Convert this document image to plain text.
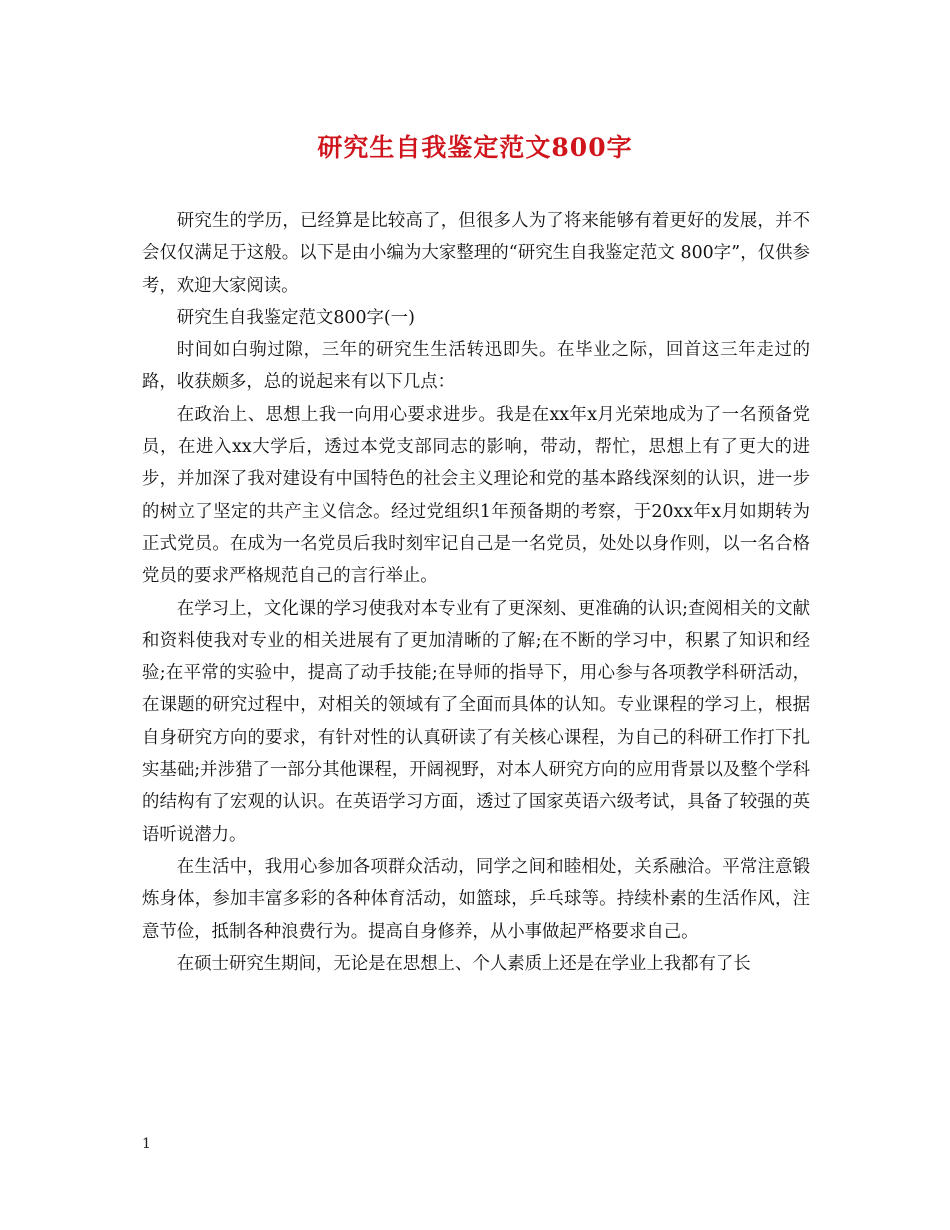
研究生自我鉴定范文800字

研究生的学历，已经算是比较高了，但很多人为了将来能够有着更好的发展，并不会仅仅满足于这般。以下是由小编为大家整理的“研究生自我鉴定范文 800字”，仅供参考，欢迎大家阅读。

研究生自我鉴定范文800字(一)

时间如白驹过隙，三年的研究生生活转迅即失。在毕业之际，回首这三年走过的路，收获颇多，总的说起来有以下几点：

在政治上、思想上我一向用心要求进步。我是在xx年x月光荣地成为了一名预备党员，在进入xx大学后，透过本党支部同志的影响，带动，帮忙，思想上有了更大的进步，并加深了我对建设有中国特色的社会主义理论和党的基本路线深刻的认识，进一步的树立了坚定的共产主义信念。经过党组织1年预备期的考察，于20xx年x月如期转为正式党员。在成为一名党员后我时刻牢记自己是一名党员，处处以身作则，以一名合格党员的要求严格规范自己的言行举止。

在学习上，文化课的学习使我对本专业有了更深刻、更准确的认识;查阅相关的文献和资料使我对专业的相关进展有了更加清晰的了解;在不断的学习中，积累了知识和经验;在平常的实验中，提高了动手技能;在导师的指导下，用心参与各项教学科研活动，在课题的研究过程中，对相关的领域有了全面而具体的认知。专业课程的学习上，根据自身研究方向的要求，有针对性的认真研读了有关核心课程，为自己的科研工作打下扎实基础;并涉猎了一部分其他课程，开阔视野，对本人研究方向的应用背景以及整个学科的结构有了宏观的认识。在英语学习方面，透过了国家英语六级考试，具备了较强的英语听说潜力。

在生活中，我用心参加各项群众活动，同学之间和睦相处，关系融洽。平常注意锻炼身体，参加丰富多彩的各种体育活动，如篮球，乒乓球等。持续朴素的生活作风，注意节俭，抵制各种浪费行为。提高自身修养，从小事做起严格要求自己。

在硕士研究生期间，无论是在思想上、个人素质上还是在学业上我都有了长

1
